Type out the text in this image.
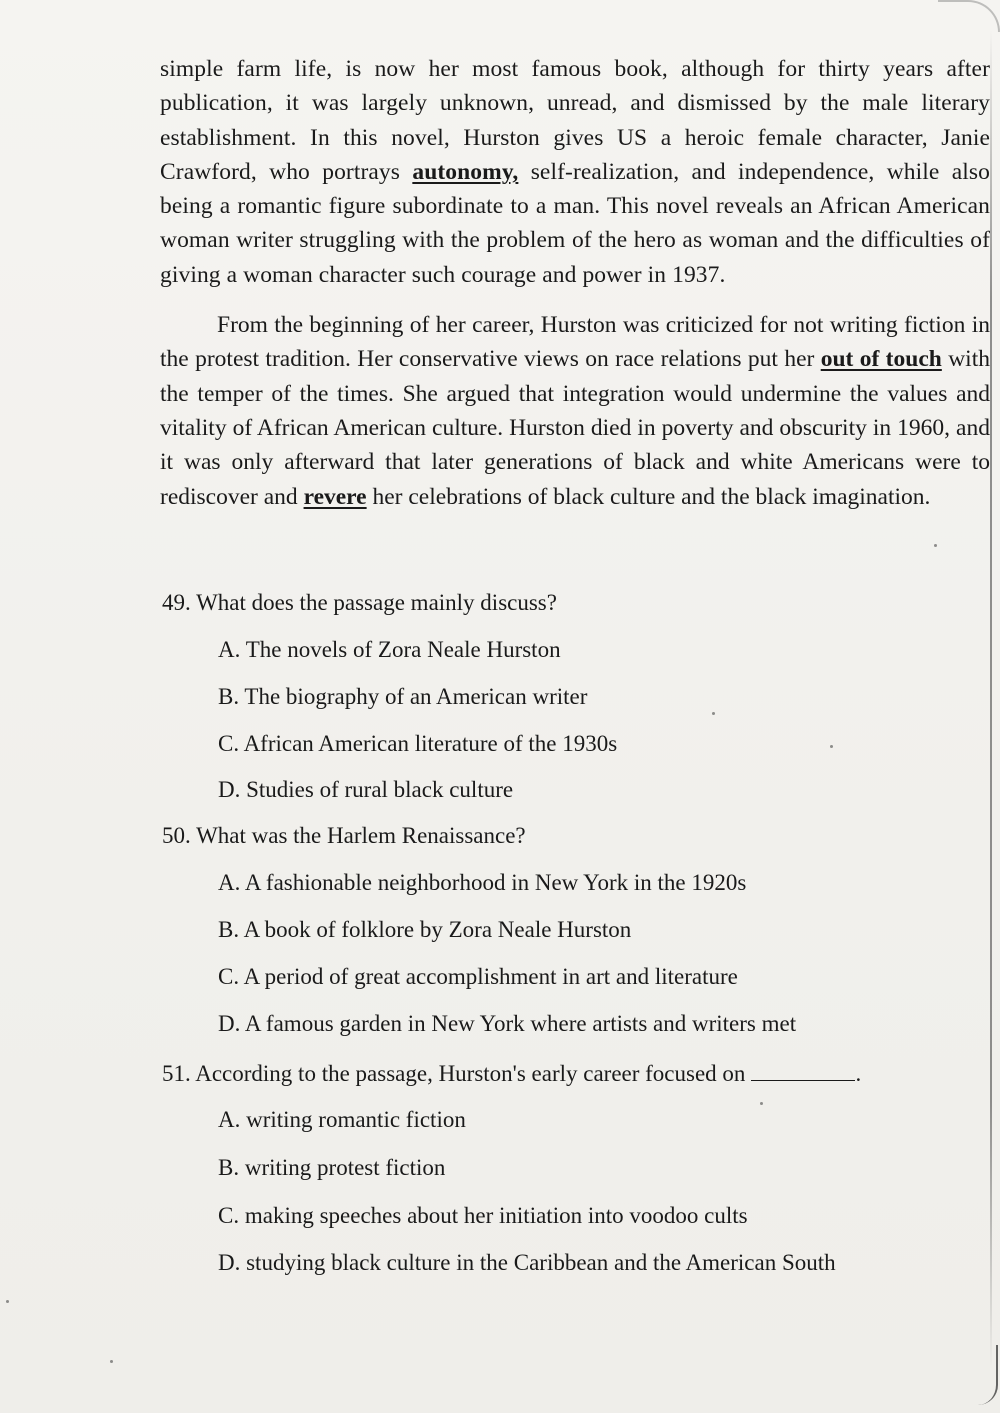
simple farm life, is now her most famous book, although for thirty years after publication, it was largely unknown, unread, and dismissed by the male literary establishment. In this novel, Hurston gives US a heroic female character, Janie Crawford, who portrays autonomy, self-realization, and independence, while also being a romantic figure subordinate to a man. This novel reveals an African American woman writer struggling with the problem of the hero as woman and the difficulties of giving a woman character such courage and power in 1937.

From the beginning of her career, Hurston was criticized for not writing fiction in the protest tradition. Her conservative views on race relations put her out of touch with the temper of the times. She argued that integration would undermine the values and vitality of African American culture. Hurston died in poverty and obscurity in 1960, and it was only afterward that later generations of black and white Americans were to rediscover and revere her celebrations of black culture and the black imagination.

49. What does the passage mainly discuss?
A. The novels of Zora Neale Hurston
B. The biography of an American writer
C. African American literature of the 1930s
D. Studies of rural black culture
50. What was the Harlem Renaissance?
A. A fashionable neighborhood in New York in the 1920s
B. A book of folklore by Zora Neale Hurston
C. A period of great accomplishment in art and literature
D. A famous garden in New York where artists and writers met
51. According to the passage, Hurston's early career focused on	.
A. writing romantic fiction
B. writing protest fiction
C. making speeches about her initiation into voodoo cults
D. studying black culture in the Caribbean and the American South
